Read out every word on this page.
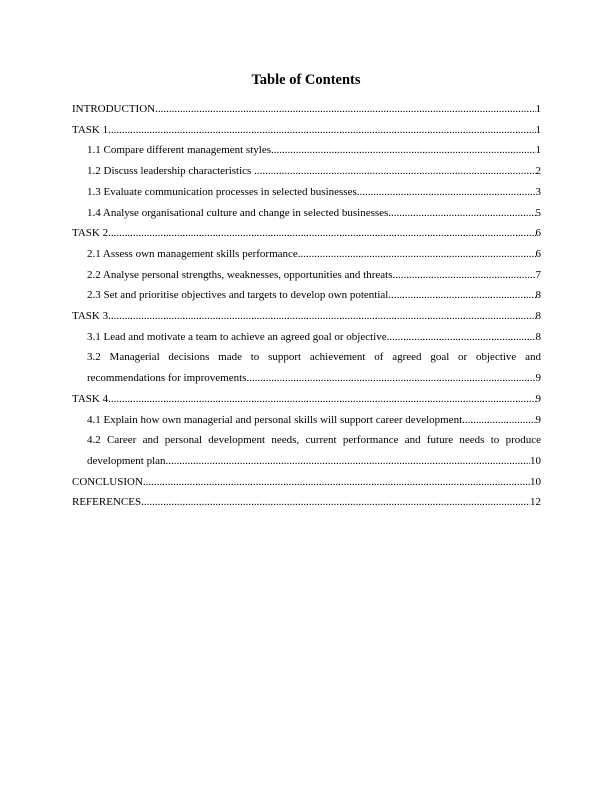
Table of Contents
INTRODUCTION .....	1
TASK 1 .....	1
1.1 Compare different management styles .....	1
1.2 Discuss leadership characteristics .....	2
1.3 Evaluate communication processes in selected businesses .....	3
1.4 Analyse organisational culture and change in selected businesses .....	5
TASK 2 .....	6
2.1 Assess own management skills performance .....	6
2.2 Analyse personal strengths, weaknesses, opportunities and threats .....	7
2.3 Set and prioritise objectives and targets to develop own potential .....	8
TASK 3 .....	8
3.1 Lead and motivate a team to achieve an agreed goal or objective .....	8
3.2 Managerial decisions made to support achievement of agreed goal or objective and
recommendations for improvements .....	9
TASK 4 .....	9
4.1 Explain how own managerial and personal skills will support career development .....	9
4.2 Career and personal development needs, current performance and future needs to produce
development plan .....	10
CONCLUSION .....	10
REFERENCES .....	12
